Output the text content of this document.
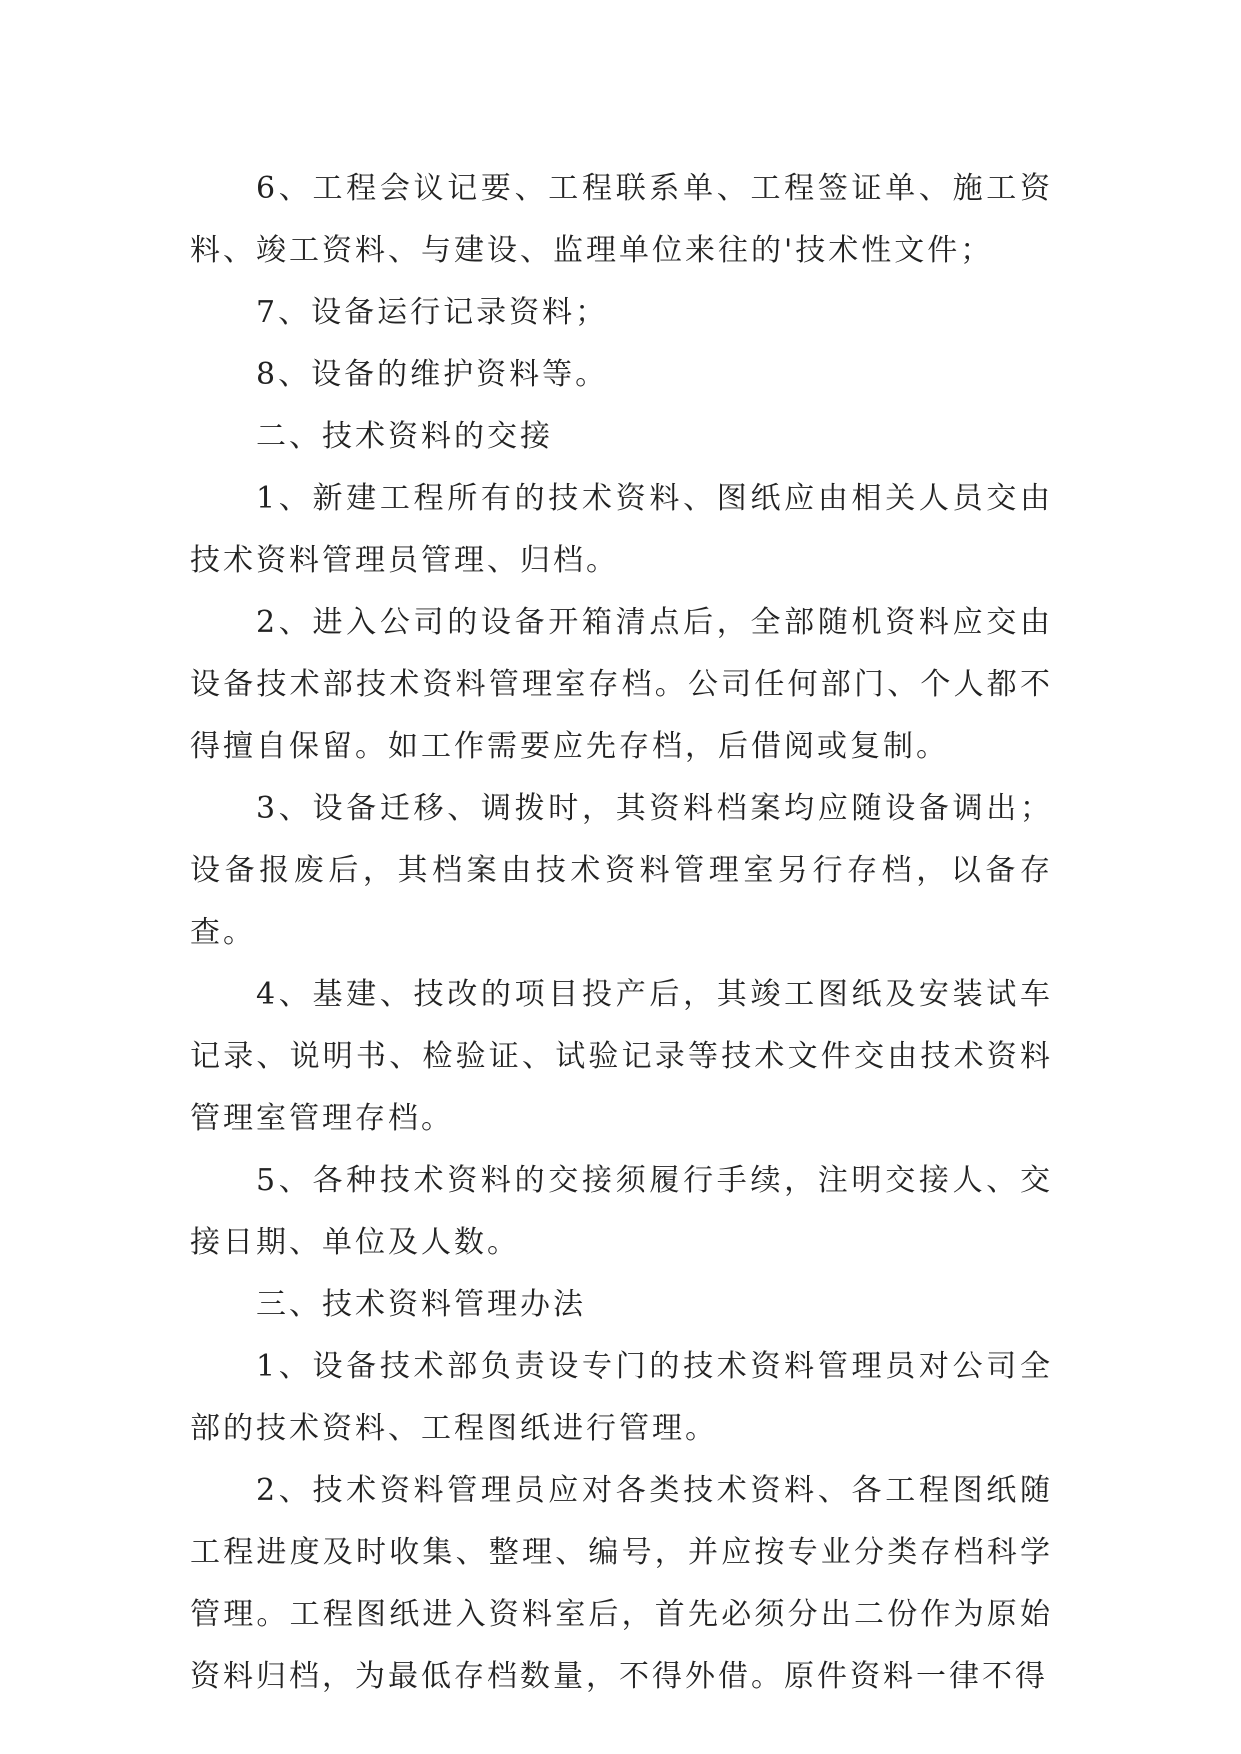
6、工程会议记要、工程联系单、工程签证单、施工资料、竣工资料、与建设、监理单位来往的'技术性文件；

7、设备运行记录资料；

8、设备的维护资料等。

二、技术资料的交接

1、新建工程所有的技术资料、图纸应由相关人员交由技术资料管理员管理、归档。

2、进入公司的设备开箱清点后，全部随机资料应交由设备技术部技术资料管理室存档。公司任何部门、个人都不得擅自保留。如工作需要应先存档，后借阅或复制。

3、设备迁移、调拨时，其资料档案均应随设备调出；设备报废后，其档案由技术资料管理室另行存档，以备存查。

4、基建、技改的项目投产后，其竣工图纸及安装试车记录、说明书、检验证、试验记录等技术文件交由技术资料管理室管理存档。

5、各种技术资料的交接须履行手续，注明交接人、交接日期、单位及人数。

三、技术资料管理办法

1、设备技术部负责设专门的技术资料管理员对公司全部的技术资料、工程图纸进行管理。

2、技术资料管理员应对各类技术资料、各工程图纸随工程进度及时收集、整理、编号，并应按专业分类存档科学管理。工程图纸进入资料室后，首先必须分出二份作为原始资料归档，为最低存档数量，不得外借。原件资料一律不得
